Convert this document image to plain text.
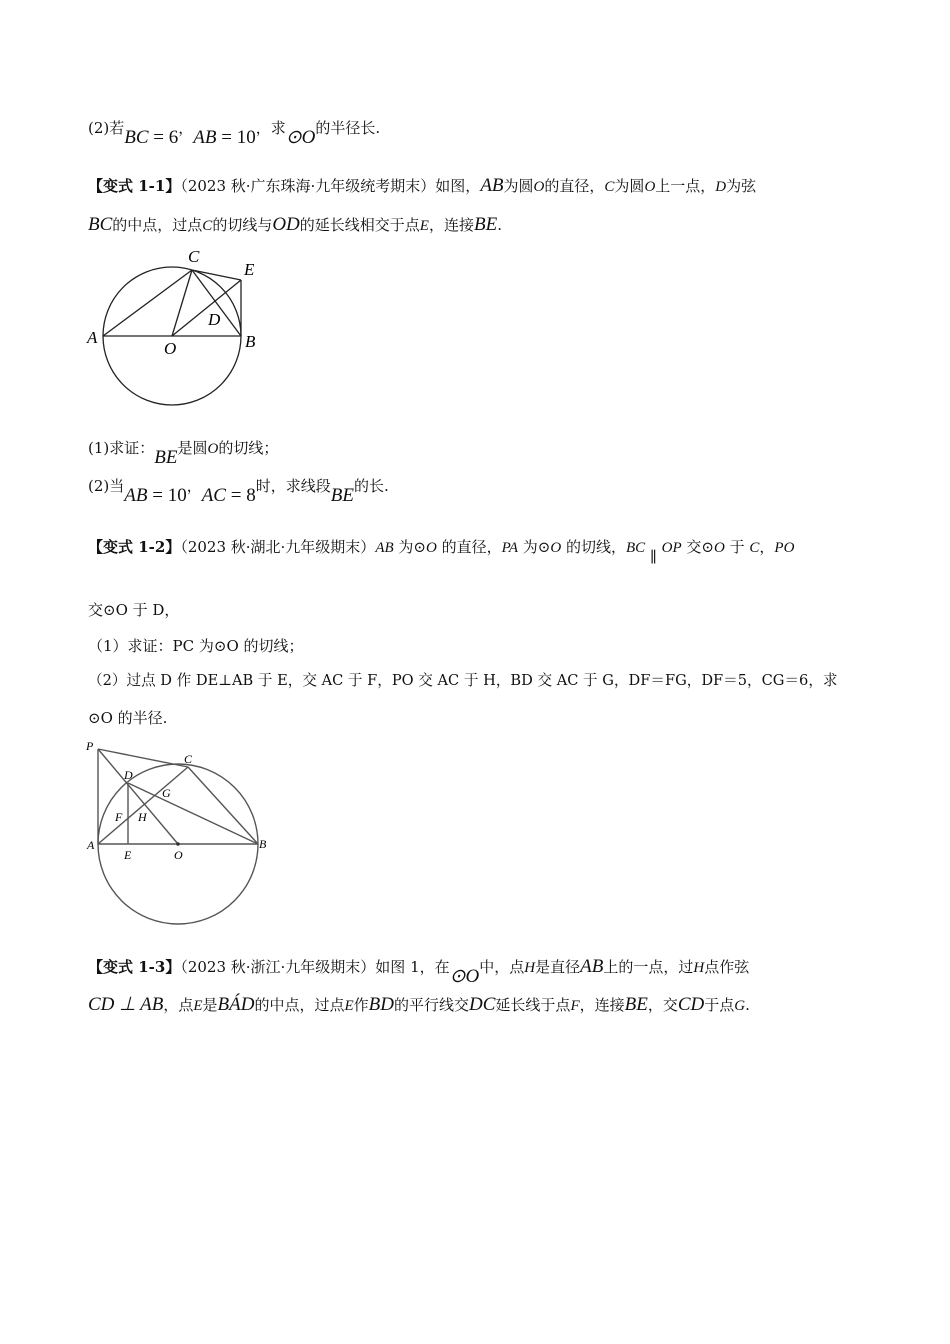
(2)若BC = 6，AB = 10，求⊙O的半径长.
【变式 1-1】（2023 秋·广东珠海·九年级统考期末）如图，AB为圆O的直径，C为圆O上一点，D为弦
BC的中点，过点C的切线与OD的延长线相交于点E，连接BE.
C
E
D
A
O	B
(1)求证：BE是圆O的切线；
(2)当AB = 10，AC = 8时，求线段BE的长.
【变式 1-2】（2023 秋·湖北·九年级期末）AB 为⊙O 的直径，PA 为⊙O 的切线，BC ∥ OP 交⊙O 于 C，PO
交⊙O 于 D，
（1）求证：PC 为⊙O 的切线；
（2）过点 D 作 DE⊥AB 于 E，交 AC 于 F，PO 交 AC 于 H，BD 交 AC 于 G，DF＝FG，DF＝5，CG＝6，求
⊙O 的半径.
P
C
D
G
F H
A
E	O
B
【变式 1-3】（2023 秋·浙江·九年级期末）如图 1，在⊙O中，点H是直径AB上的一点，过H点作弦
CD ⊥ AB，点E是BÁD的中点，过点E作BD的平行线交DC延长线于点F，连接BE，交CD于点G.
